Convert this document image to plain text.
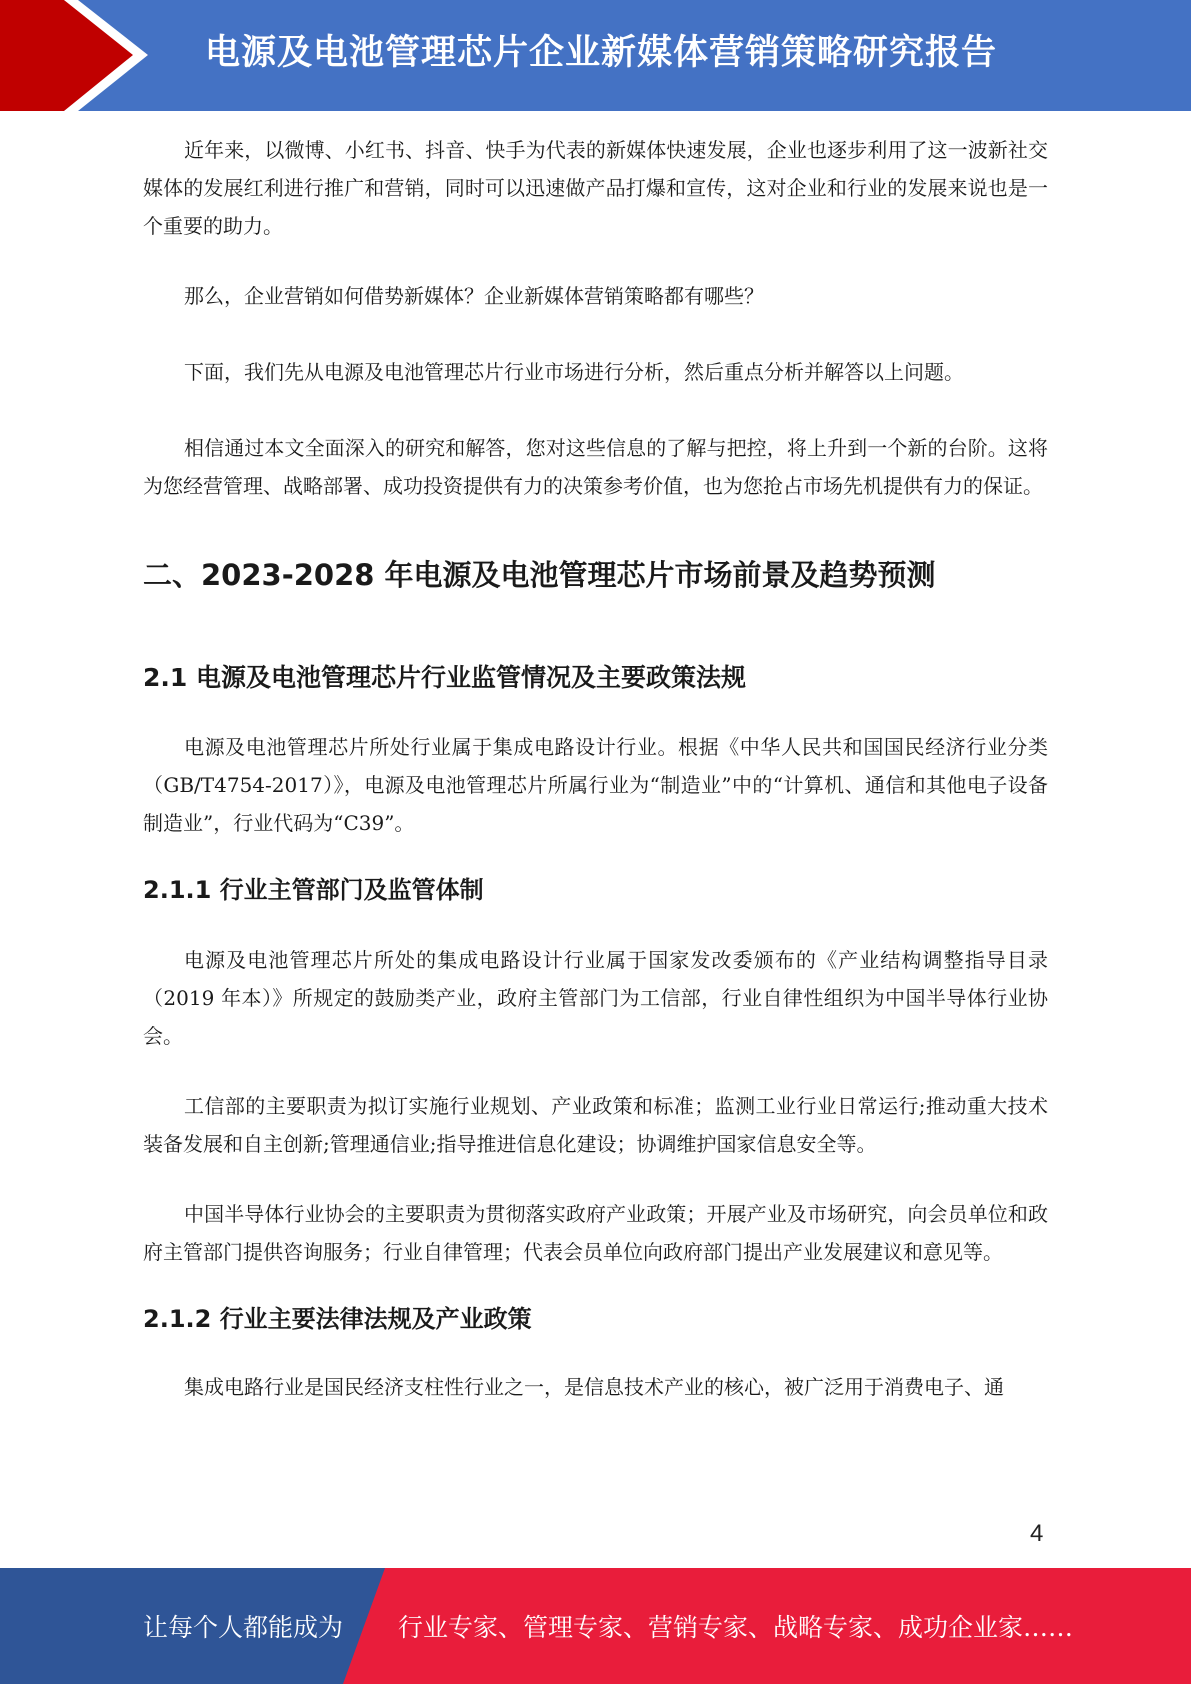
电源及电池管理芯片企业新媒体营销策略研究报告

近年来，以微博、小红书、抖音、快手为代表的新媒体快速发展，企业也逐步利用了这一波新社交媒体的发展红利进行推广和营销，同时可以迅速做产品打爆和宣传，这对企业和行业的发展来说也是一个重要的助力。

那么，企业营销如何借势新媒体？企业新媒体营销策略都有哪些？

下面，我们先从电源及电池管理芯片行业市场进行分析，然后重点分析并解答以上问题。

相信通过本文全面深入的研究和解答，您对这些信息的了解与把控，将上升到一个新的台阶。这将为您经营管理、战略部署、成功投资提供有力的决策参考价值，也为您抢占市场先机提供有力的保证。

二、2023-2028 年电源及电池管理芯片市场前景及趋势预测
2.1 电源及电池管理芯片行业监管情况及主要政策法规

电源及电池管理芯片所处行业属于集成电路设计行业。根据《中华人民共和国国民经济行业分类（GB/T4754-2017）》，电源及电池管理芯片所属行业为“制造业”中的“计算机、通信和其他电子设备制造业”，行业代码为“C39”。

2.1.1 行业主管部门及监管体制

电源及电池管理芯片所处的集成电路设计行业属于国家发改委颁布的《产业结构调整指导目录（2019 年本）》所规定的鼓励类产业，政府主管部门为工信部，行业自律性组织为中国半导体行业协会。

工信部的主要职责为拟订实施行业规划、产业政策和标准；监测工业行业日常运行;推动重大技术装备发展和自主创新;管理通信业;指导推进信息化建设；协调维护国家信息安全等。

中国半导体行业协会的主要职责为贯彻落实政府产业政策；开展产业及市场研究，向会员单位和政府主管部门提供咨询服务；行业自律管理；代表会员单位向政府部门提出产业发展建议和意见等。

2.1.2 行业主要法律法规及产业政策

集成电路行业是国民经济支柱性行业之一，是信息技术产业的核心，被广泛用于消费电子、通

4
让每个人都能成为 行业专家、管理专家、营销专家、战略专家、成功企业家……
